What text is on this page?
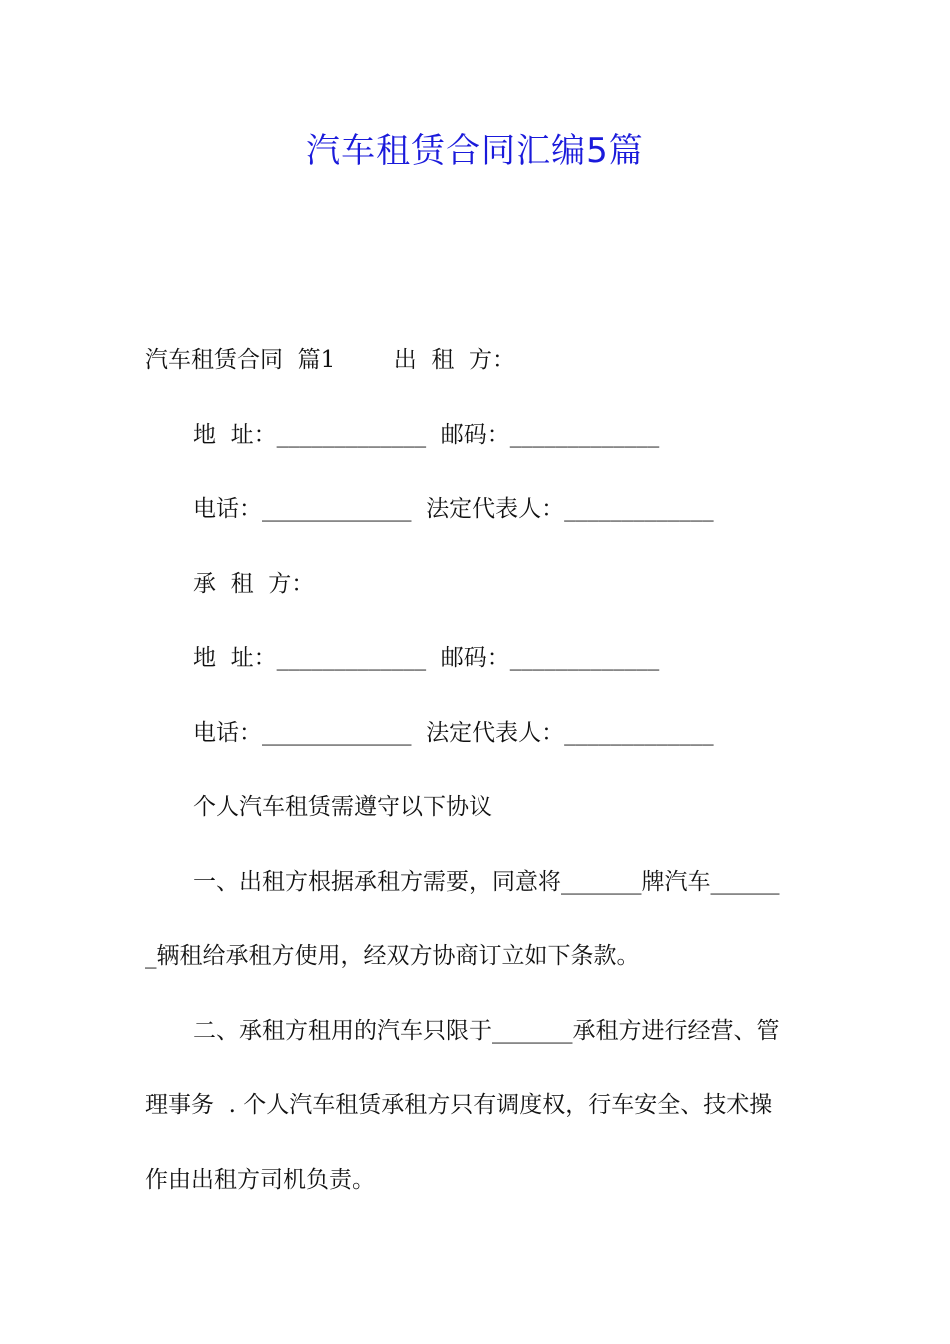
汽车租赁合同汇编5篇
汽车租赁合同  篇1        出  租  方：
地  址：_____________  邮码：_____________
电话：_____________  法定代表人：_____________
承  租  方：
地  址：_____________  邮码：_____________
电话：_____________  法定代表人：_____________
个人汽车租赁需遵守以下协议
一、出租方根据承租方需要，同意将_______牌汽车______
_辆租给承租方使用，经双方协商订立如下条款。
二、承租方租用的汽车只限于_______承租方进行经营、管
理事务  . 个人汽车租赁承租方只有调度权，行车安全、技术操
作由出租方司机负责。
